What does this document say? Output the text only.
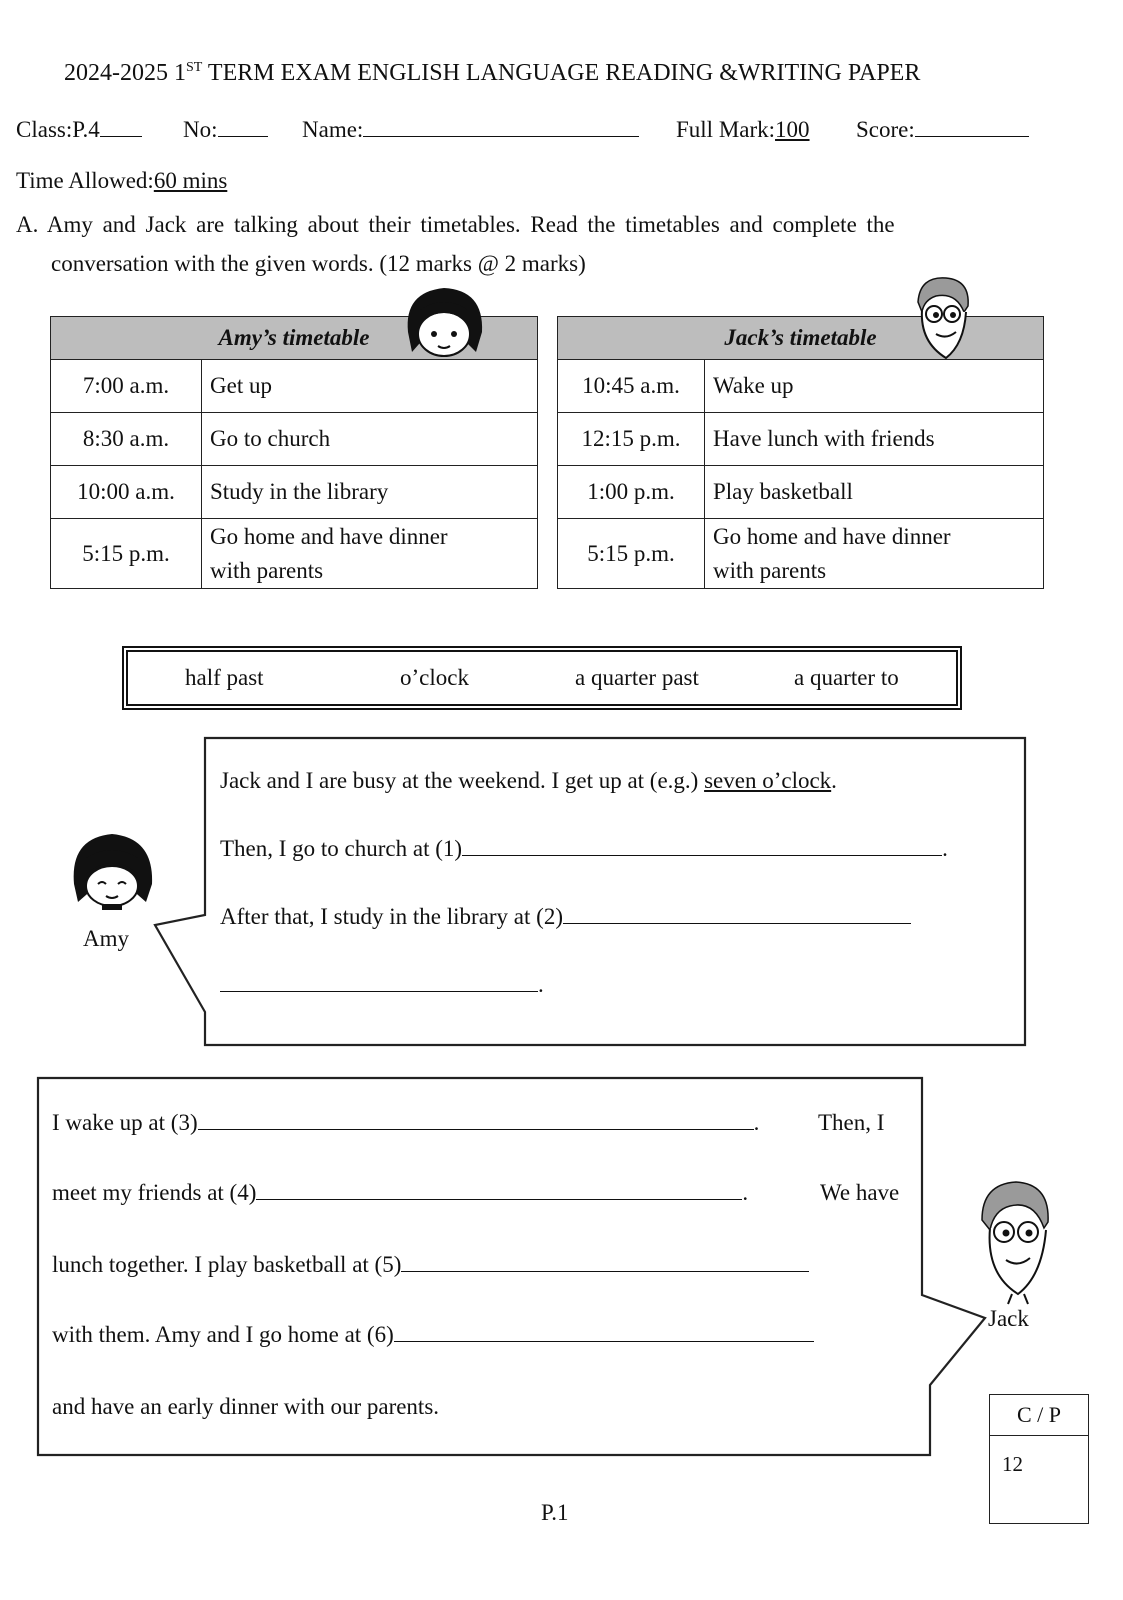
2024-2025 1ST TERM EXAM ENGLISH LANGUAGE READING &WRITING PAPER
Class:P.4	No:	Name:	Full Mark:100 Score:
Time Allowed:60 mins
A. Amy and Jack are talking about their timetables. Read the timetables and complete the
conversation with the given words. (12 marks @ 2 marks)
Amy’s timetable	
7:00 a.m.	Get up
8:30 a.m.	Go to church
10:00 a.m.	Study in the library
5:15 p.m.	Go home and have dinner
with parents
Jack’s timetable	
10:45 a.m.	Wake up
12:15 p.m.	Have lunch with friends
1:00 p.m.	Play basketball
5:15 p.m.	Go home and have dinner
with parents
half past	o’clock	a quarter past	a quarter to
Jack and I are busy at the weekend. I get up at (e.g.) seven o’clock.
Then, I go to church at (1)	.
After that, I study in the library at (2)
.
Amy
I wake up at (3)	.	Then, I
meet my friends at (4)	.	We have
lunch together. I play basketball at (5)
with them. Amy and I go home at (6)
and have an early dinner with our parents.
Jack
C / P
12
P.1
